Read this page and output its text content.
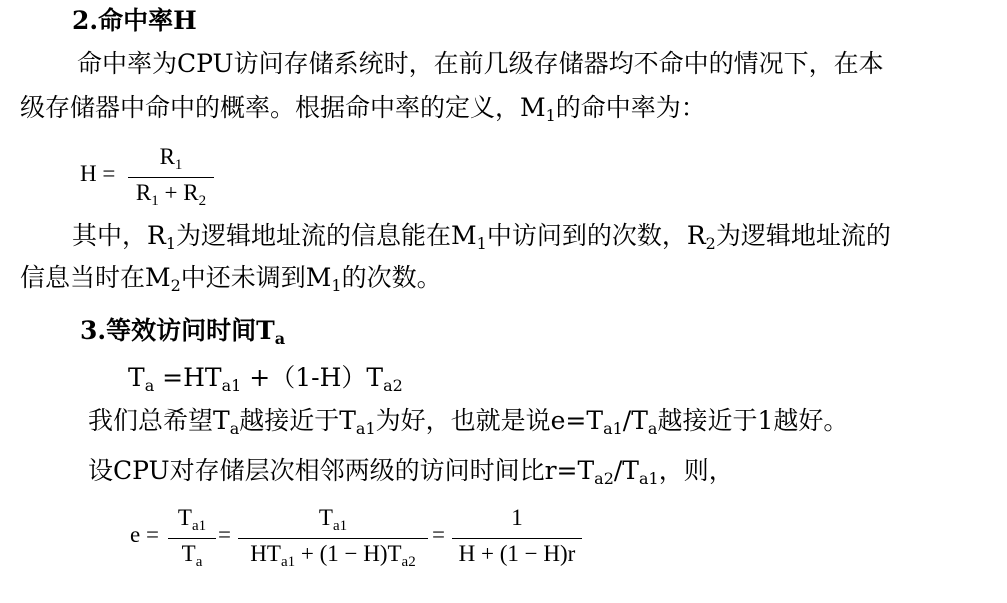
2.命中率H
命中率为CPU访问存储系统时，在前几级存储器均不命中的情况下，在本
级存储器中命中的概率。根据命中率的定义，$M_1$的命中率为：
H =
$R_1$
$R_1 + R_2$
其中，$R_1$为逻辑地址流的信息能在$M_1$中访问到的次数，$R_2$为逻辑地址流的
信息当时在$M_2$中还未调到$M_1$的次数。
3.等效访问时间$T_a$
$T_a =HT_{a1} +(1-H)T_{a2}$
我们总希望$T_a$越接近于$T_{a1}$为好，也就是说$e=T_{a1}/T_a$越接近于1越好。
设CPU对存储层次相邻两级的访问时间比$r=T_{a2}/T_{a1}$，则，
e =
$T_{a1}$
$T_a$
=
$T_{a1}$
$HT_{a1} + (1 - H)T_{a2}$
=
1
H + (1 − H)r
